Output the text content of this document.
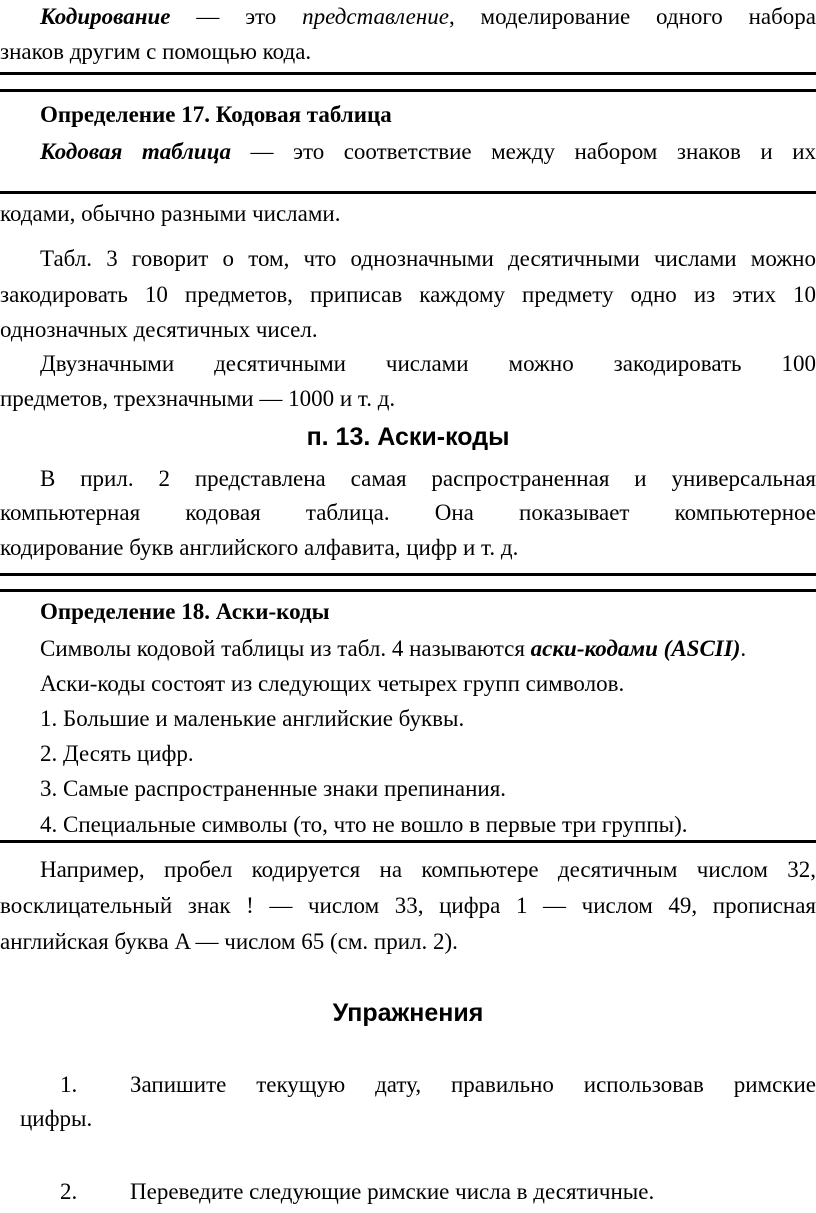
Кодирование — это представление, моделирование одного набора
знаков другим с помощью кода.
Определение 17. Кодовая таблица
Кодовая таблица — это соответствие между набором знаков и их
кодами, обычно разными числами.
Табл. 3 говорит о том, что однозначными десятичными числами можно
закодировать 10 предметов, приписав каждому предмету одно из этих 10
однозначных десятичных чисел.
Двузначными десятичными числами можно закодировать 100
предметов, трехзначными — 1000 и т. д.
п. 13. Аски-коды
В прил. 2 представлена самая распространенная и универсальная
компьютерная кодовая таблица. Она показывает компьютерное
кодирование букв английского алфавита, цифр и т. д.
Определение 18. Аски-коды
Символы кодовой таблицы из табл. 4 называются аски-кодами (ASCII).
Аски-коды состоят из следующих четырех групп символов.
1. Большие и маленькие английские буквы.
2. Десять цифр.
3. Самые распространенные знаки препинания.
4. Специальные символы (то, что не вошло в первые три группы).
Например, пробел кодируется на компьютере десятичным числом 32,
восклицательный знак ! — числом 33, цифра 1 — числом 49, прописная
английская буква A — числом 65 (см. прил. 2).
Упражнения
1.	Запишите текущую дату, правильно использовав римские
цифры.
2.	Переведите следующие римские числа в десятичные.
